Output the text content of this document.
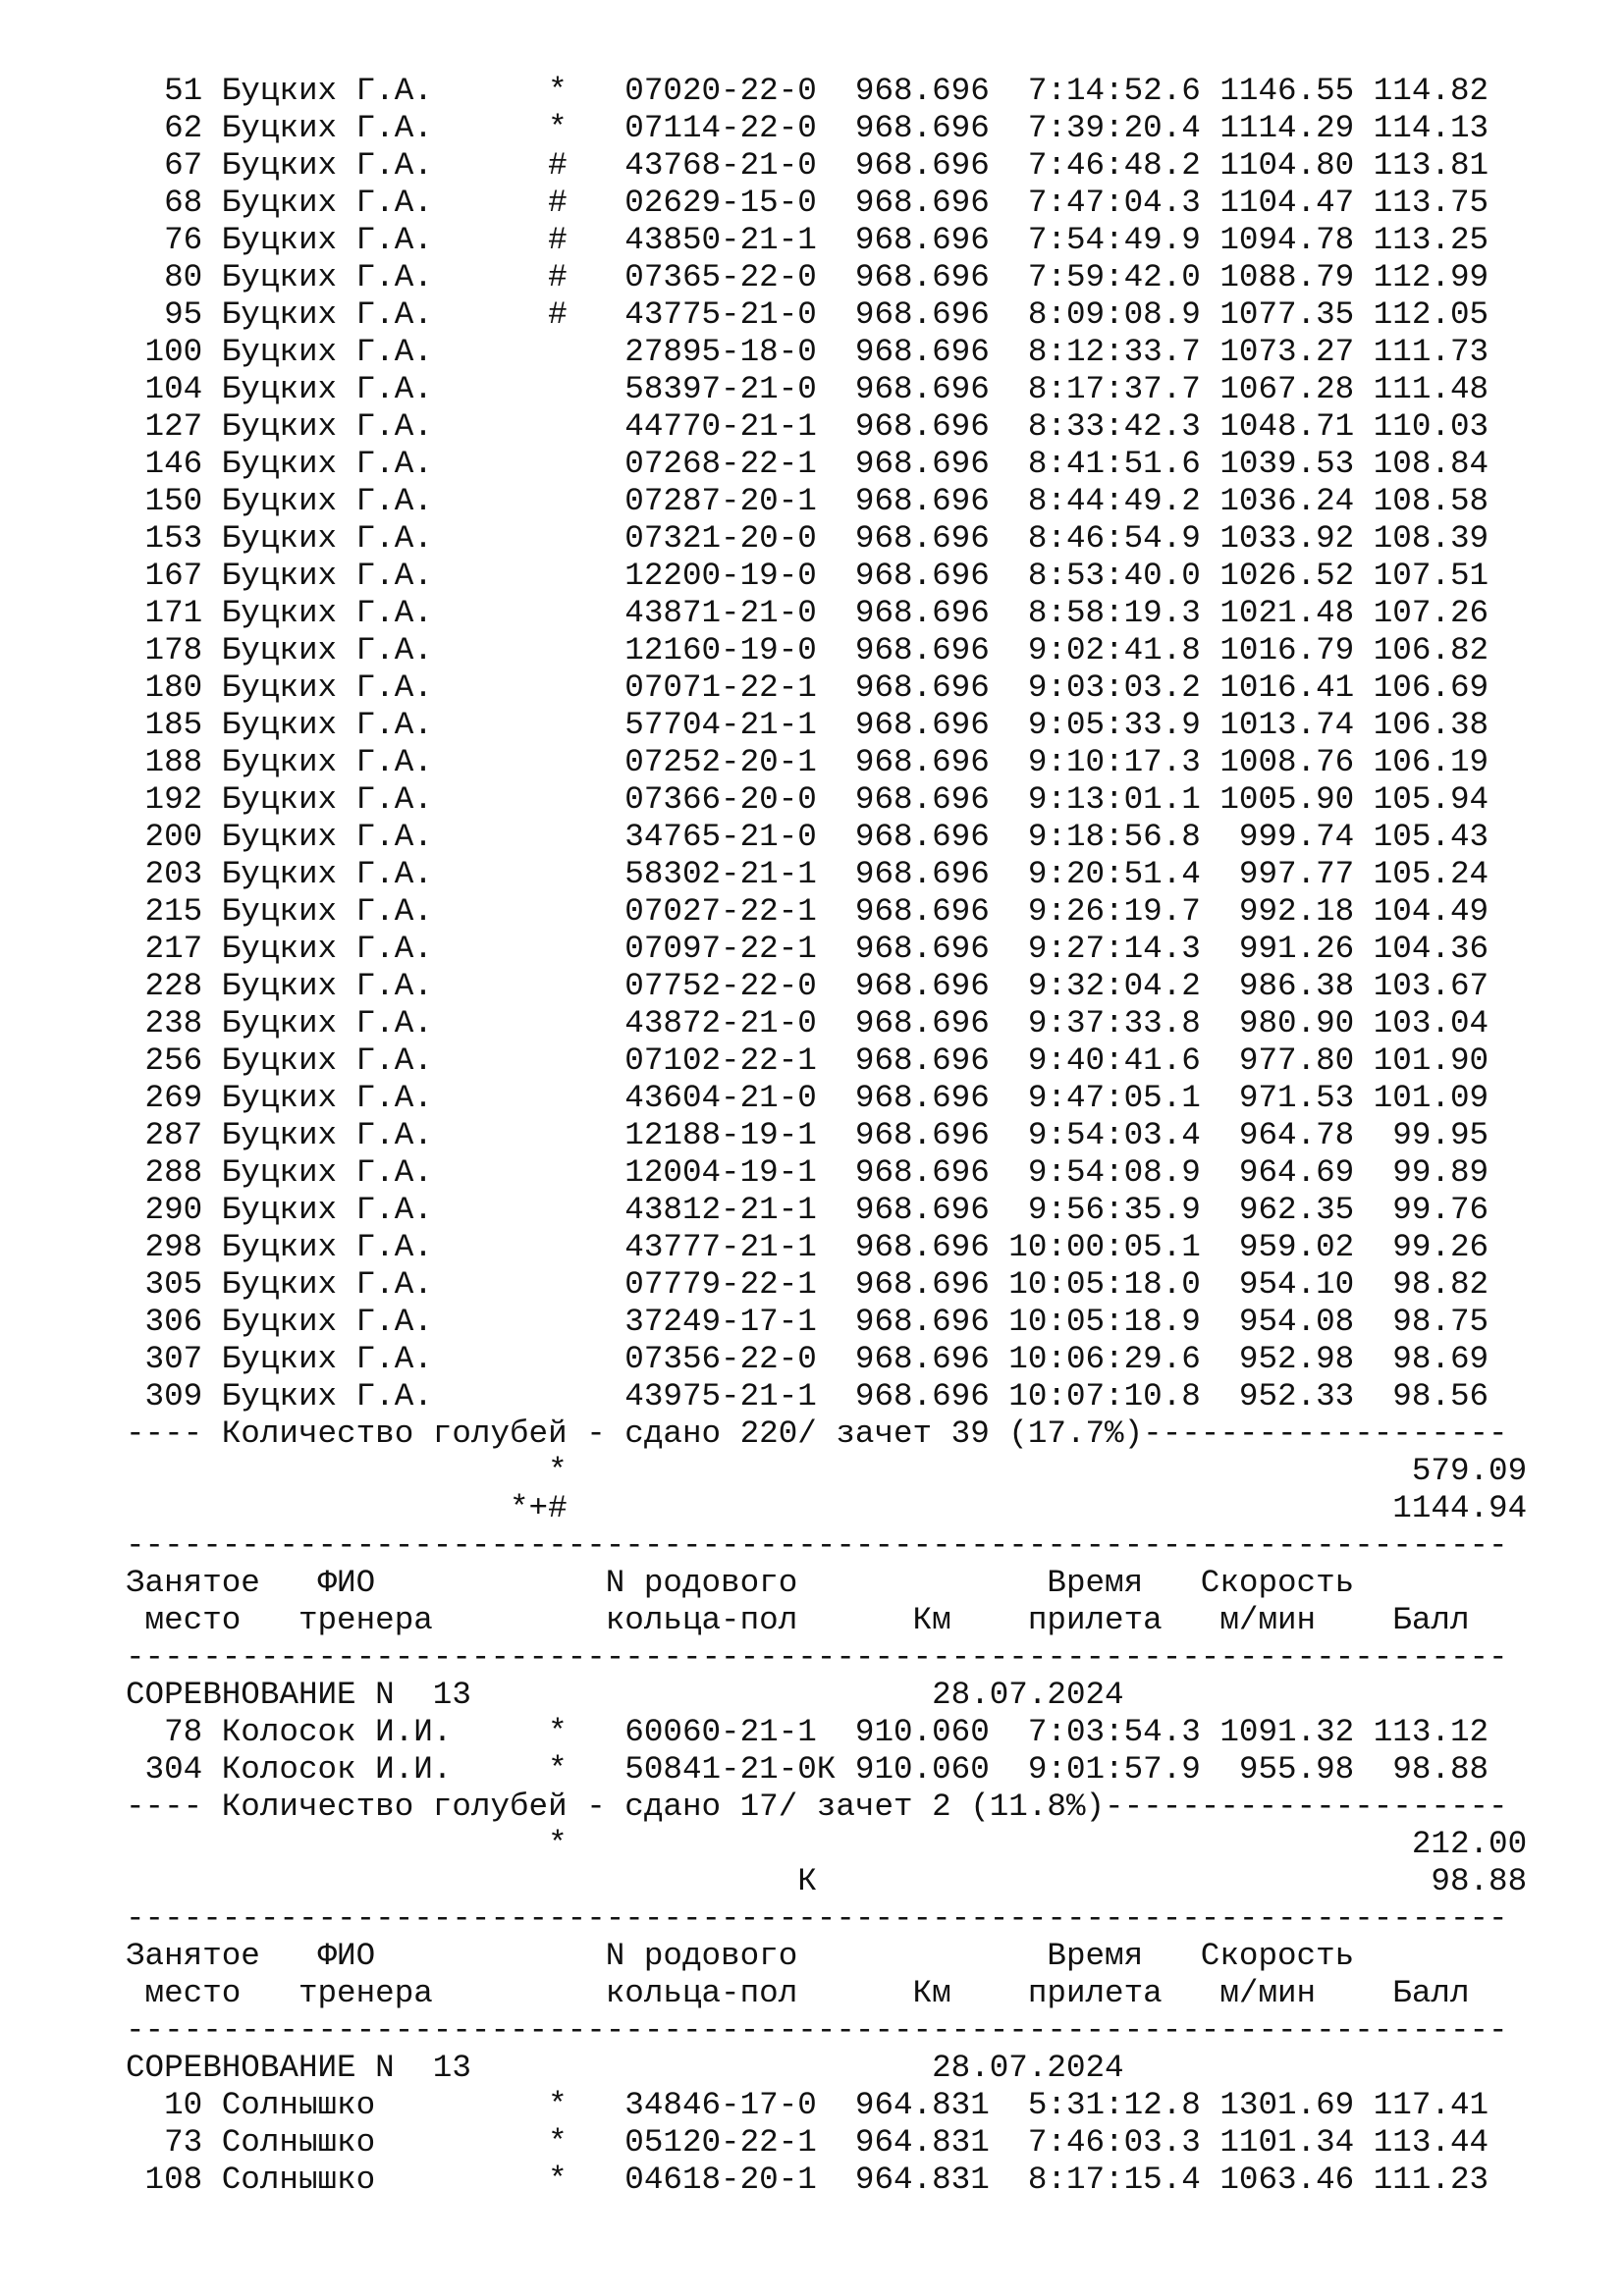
51 Буцких Г.А.      *   07020-22-0  968.696  7:14:52.6 1146.55 114.82
62 Буцких Г.А.      *   07114-22-0  968.696  7:39:20.4 1114.29 114.13
67 Буцких Г.А.      #   43768-21-0  968.696  7:46:48.2 1104.80 113.81
68 Буцких Г.А.      #   02629-15-0  968.696  7:47:04.3 1104.47 113.75
76 Буцких Г.А.      #   43850-21-1  968.696  7:54:49.9 1094.78 113.25
80 Буцких Г.А.      #   07365-22-0  968.696  7:59:42.0 1088.79 112.99
95 Буцких Г.А.      #   43775-21-0  968.696  8:09:08.9 1077.35 112.05
100 Буцких Г.А.          27895-18-0  968.696  8:12:33.7 1073.27 111.73
104 Буцких Г.А.          58397-21-0  968.696  8:17:37.7 1067.28 111.48
127 Буцких Г.А.          44770-21-1  968.696  8:33:42.3 1048.71 110.03
146 Буцких Г.А.          07268-22-1  968.696  8:41:51.6 1039.53 108.84
150 Буцких Г.А.          07287-20-1  968.696  8:44:49.2 1036.24 108.58
153 Буцких Г.А.          07321-20-0  968.696  8:46:54.9 1033.92 108.39
167 Буцких Г.А.          12200-19-0  968.696  8:53:40.0 1026.52 107.51
171 Буцких Г.А.          43871-21-0  968.696  8:58:19.3 1021.48 107.26
178 Буцких Г.А.          12160-19-0  968.696  9:02:41.8 1016.79 106.82
180 Буцких Г.А.          07071-22-1  968.696  9:03:03.2 1016.41 106.69
185 Буцких Г.А.          57704-21-1  968.696  9:05:33.9 1013.74 106.38
188 Буцких Г.А.          07252-20-1  968.696  9:10:17.3 1008.76 106.19
192 Буцких Г.А.          07366-20-0  968.696  9:13:01.1 1005.90 105.94
200 Буцких Г.А.          34765-21-0  968.696  9:18:56.8  999.74 105.43
203 Буцких Г.А.          58302-21-1  968.696  9:20:51.4  997.77 105.24
215 Буцких Г.А.          07027-22-1  968.696  9:26:19.7  992.18 104.49
217 Буцких Г.А.          07097-22-1  968.696  9:27:14.3  991.26 104.36
228 Буцких Г.А.          07752-22-0  968.696  9:32:04.2  986.38 103.67
238 Буцких Г.А.          43872-21-0  968.696  9:37:33.8  980.90 103.04
256 Буцких Г.А.          07102-22-1  968.696  9:40:41.6  977.80 101.90
269 Буцких Г.А.          43604-21-0  968.696  9:47:05.1  971.53 101.09
287 Буцких Г.А.          12188-19-1  968.696  9:54:03.4  964.78  99.95
288 Буцких Г.А.          12004-19-1  968.696  9:54:08.9  964.69  99.89
290 Буцких Г.А.          43812-21-1  968.696  9:56:35.9  962.35  99.76
298 Буцких Г.А.          43777-21-1  968.696 10:00:05.1  959.02  99.26
305 Буцких Г.А.          07779-22-1  968.696 10:05:18.0  954.10  98.82
306 Буцких Г.А.          37249-17-1  968.696 10:05:18.9  954.08  98.75
307 Буцких Г.А.          07356-22-0  968.696 10:06:29.6  952.98  98.69
309 Буцких Г.А.          43975-21-1  968.696 10:07:10.8  952.33  98.56
---- Количество голубей - сдано 220/ зачет 39 (17.7%)-------------------
*                                            579.09
*+#                                           1144.94
------------------------------------------------------------------------
Занятое   ФИО            N родового             Время   Скорость
место   тренера         кольца-пол      Км    прилета   м/мин    Балл
------------------------------------------------------------------------
СОРЕВНОВАНИЕ N  13                        28.07.2024
78 Колосок И.И.     *   60060-21-1  910.060  7:03:54.3 1091.32 113.12
304 Колосок И.И.     *   50841-21-0К 910.060  9:01:57.9  955.98  98.88
---- Количество голубей - сдано 17/ зачет 2 (11.8%)---------------------
*                                            212.00
К                                98.88
------------------------------------------------------------------------
Занятое   ФИО            N родового             Время   Скорость
место   тренера         кольца-пол      Км    прилета   м/мин    Балл
------------------------------------------------------------------------
СОРЕВНОВАНИЕ N  13                        28.07.2024
10 Солнышко         *   34846-17-0  964.831  5:31:12.8 1301.69 117.41
73 Солнышко         *   05120-22-1  964.831  7:46:03.3 1101.34 113.44
108 Солнышко         *   04618-20-1  964.831  8:17:15.4 1063.46 111.23
